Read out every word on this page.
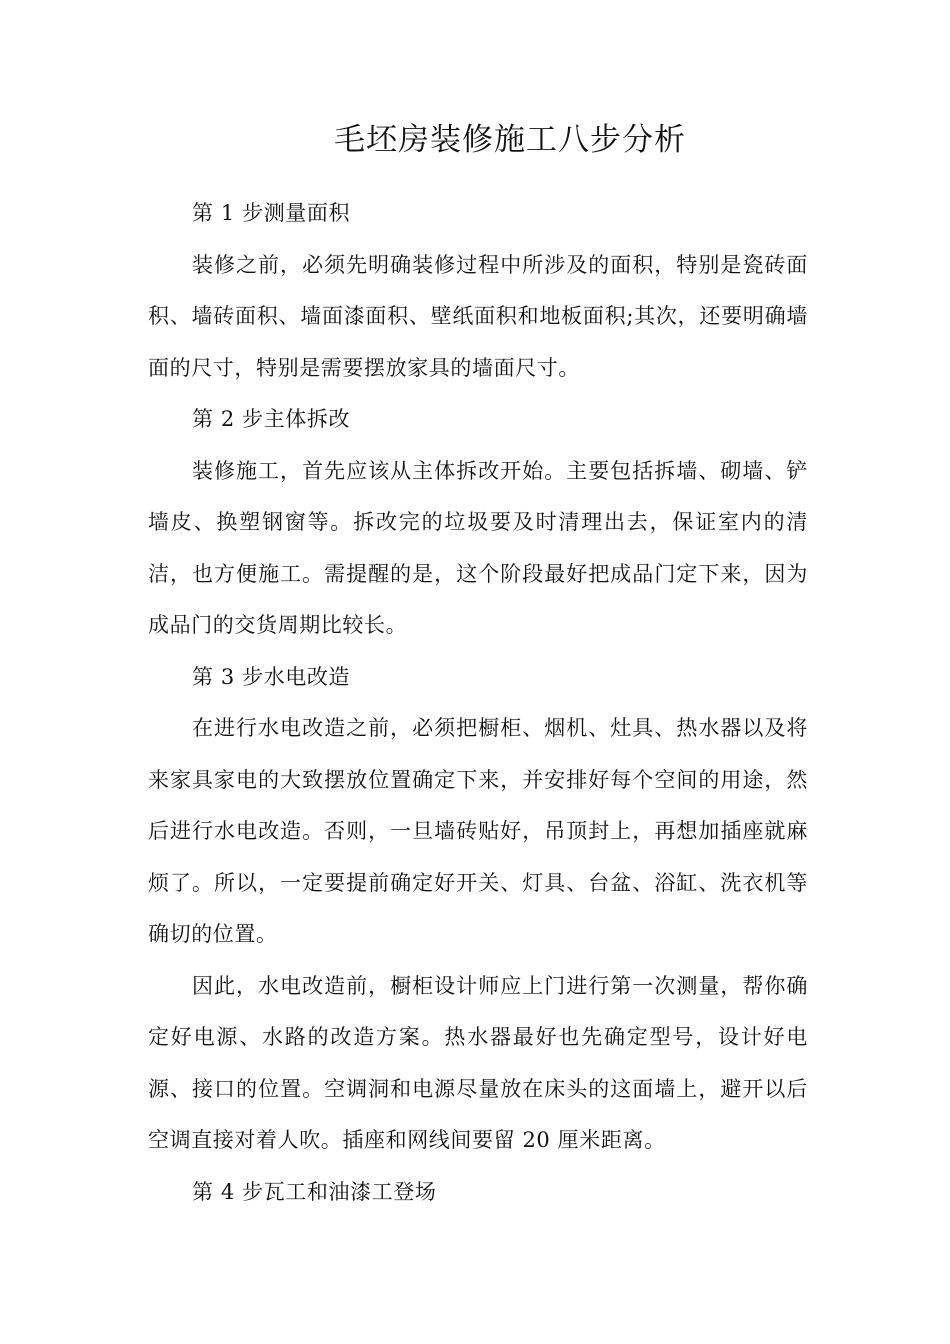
毛坯房装修施工八步分析

第 1 步测量面积

装修之前，必须先明确装修过程中所涉及的面积，特别是瓷砖面积、墙砖面积、墙面漆面积、壁纸面积和地板面积;其次，还要明确墙面的尺寸，特别是需要摆放家具的墙面尺寸。

第 2 步主体拆改

装修施工，首先应该从主体拆改开始。主要包括拆墙、砌墙、铲墙皮、换塑钢窗等。拆改完的垃圾要及时清理出去，保证室内的清洁，也方便施工。需提醒的是，这个阶段最好把成品门定下来，因为成品门的交货周期比较长。

第 3 步水电改造

在进行水电改造之前，必须把橱柜、烟机、灶具、热水器以及将来家具家电的大致摆放位置确定下来，并安排好每个空间的用途，然后进行水电改造。否则，一旦墙砖贴好，吊顶封上，再想加插座就麻烦了。所以，一定要提前确定好开关、灯具、台盆、浴缸、洗衣机等确切的位置。

因此，水电改造前，橱柜设计师应上门进行第一次测量，帮你确定好电源、水路的改造方案。热水器最好也先确定型号，设计好电源、接口的位置。空调洞和电源尽量放在床头的这面墙上，避开以后空调直接对着人吹。插座和网线间要留 20 厘米距离。

第 4 步瓦工和油漆工登场
